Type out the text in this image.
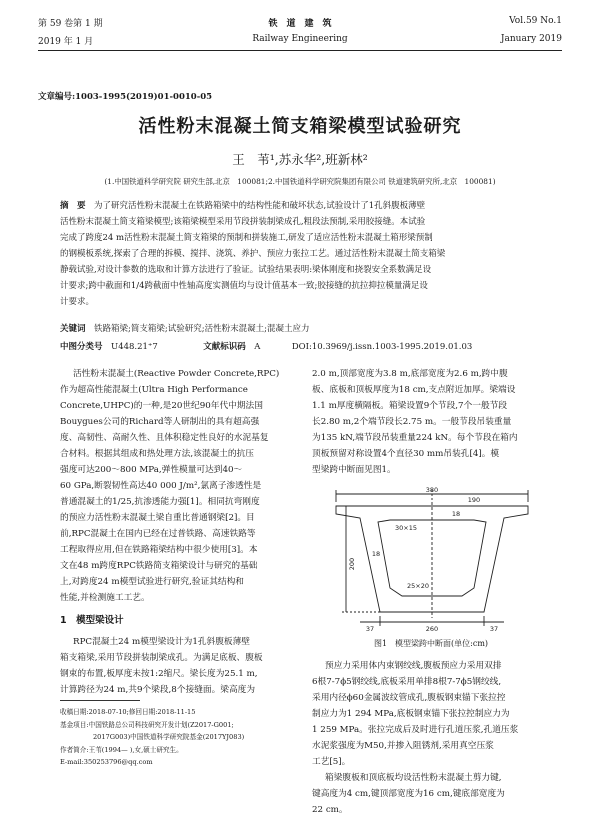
第 59 卷第 1 期
2019 年 1 月
铁　道　建　筑
Railway Engineering
Vol.59 No.1
January 2019
文章编号:1003-1995(2019)01-0010-05
活性粉末混凝土简支箱梁模型试验研究
王　苇¹,苏永华²,班新林²
(1.中国铁道科学研究院 研究生部,北京　100081;2.中国铁道科学研究院集团有限公司 铁道建筑研究所,北京　100081)
摘　要　 为了研究活性粉末混凝土在铁路箱梁中的结构性能和破坏状态,试验设计了1孔斜腹板薄壁
活性粉末混凝土简支箱梁模型;该箱梁模型采用节段拼装制梁成孔,粗段法预制,采用胶接缝。本试验
完成了跨度24 m活性粉末混凝土简支箱梁的预制和拼装施工,研发了适应活性粉末混凝土箱形梁预制
的钢模板系统,探索了合理的拆模、搅拌、浇筑、养护、预应力张拉工艺。通过活性粉末混凝土简支箱梁
静载试验,对设计参数的选取和计算方法进行了验证。试验结果表明:梁体刚度和挠裂安全系数满足设
计要求;跨中截面和1/4跨截面中性轴高度实测值均与设计值基本一致;胶接缝的抗拉抑拉模量满足设
计要求。
关键词　 铁路箱梁;简支箱梁;试验研究;活性粉末混凝土;混凝土应力
中图分类号　 U448.21⁺7	文献标识码　 A	DOI:10.3969/j.issn.1003-1995.2019.01.03
活性粉末混凝土(Reactive Powder Concrete,RPC)
作为超高性能混凝土(Ultra High Performance
Concrete,UHPC)的一种,是20世纪90年代中期法国
Bouygues公司的Richard等人研制出的具有超高强
度、高韧性、高耐久性、且体积稳定性良好的水泥基复
合材料。根据其组成和热处理方法,该混凝土的抗压
强度可达200～800 MPa,弹性模量可达到40～
60 GPa,断裂韧性高达40 000 J/m²,氯离子渗透性是
普通混凝土的1/25,抗渗透能力强[1]。相同抗弯刚度
的预应力活性粉末混凝土梁自重比普通钢梁[2]。目
前,RPC混凝土在国内已经在过普铁路、高速铁路等
工程取得应用,但在铁路箱梁结构中很少使用[3]。本
文在48 m跨度RPC铁路简支箱梁设计与研究的基础
上,对跨度24 m模型试验进行研究,验证其结构和
性能,并检测施工工艺。
1　模型梁设计
RPC混凝土24 m模型梁设计为1孔斜腹板薄壁
箱支箱梁,采用节段拼装制梁成孔。为满足底板、腹板
钢束的布置,板厚度未按1:2缩尺。梁长度为25.1 m,
计算跨径为24 m,共9个梁段,8个接缝面。梁高度为
收稿日期:2018-07-10;修回日期:2018-11-15
基金项目:中国铁路总公司科技研究开发计划(Z2017-G001;
　　　　　2017G003)中国铁道科学研究院基金(2017YJ083)
作者简介:王苇(1994— ),女,硕士研究生。
E-mail:350253796@qq.com
2.0 m,顶部宽度为3.8 m,底部宽度为2.6 m,跨中腹
板、底板和顶板厚度为18 cm,支点附近加厚。梁端设
1.1 m厚度横隔板。箱梁设置9个节段,7个一般节段
长2.80 m,2个端节段长2.75 m。一般节段吊装重量
为135 kN,端节段吊装重量224 kN。每个节段在箱内
顶板预留对称设置4个直径30 mm吊装孔[4]。模
型梁跨中断面见图1。
380
190
30×15
25×20
200
260
37	37
18
18
图1　模型梁跨中断面(单位:cm)
预应力采用体内束钢绞线,腹板预应力采用双排
6根7-7ϕ5钢绞线,底板采用单排8根7-7ϕ5钢绞线,
采用内径ϕ60金属波纹管成孔,腹板钢束锚下张拉控
制应力为1 294 MPa,底板钢束锚下张拉控制应力为
1 259 MPa。张拉完成后及时进行孔道压浆,孔道压浆
水泥浆强度为M50,并掺入阻锈剂,采用真空压浆
工艺[5]。
箱梁腹板和顶底板均设活性粉末混凝土剪力键,
键高度为4 cm,键顶部宽度为16 cm,键底部宽度为
22 cm。
